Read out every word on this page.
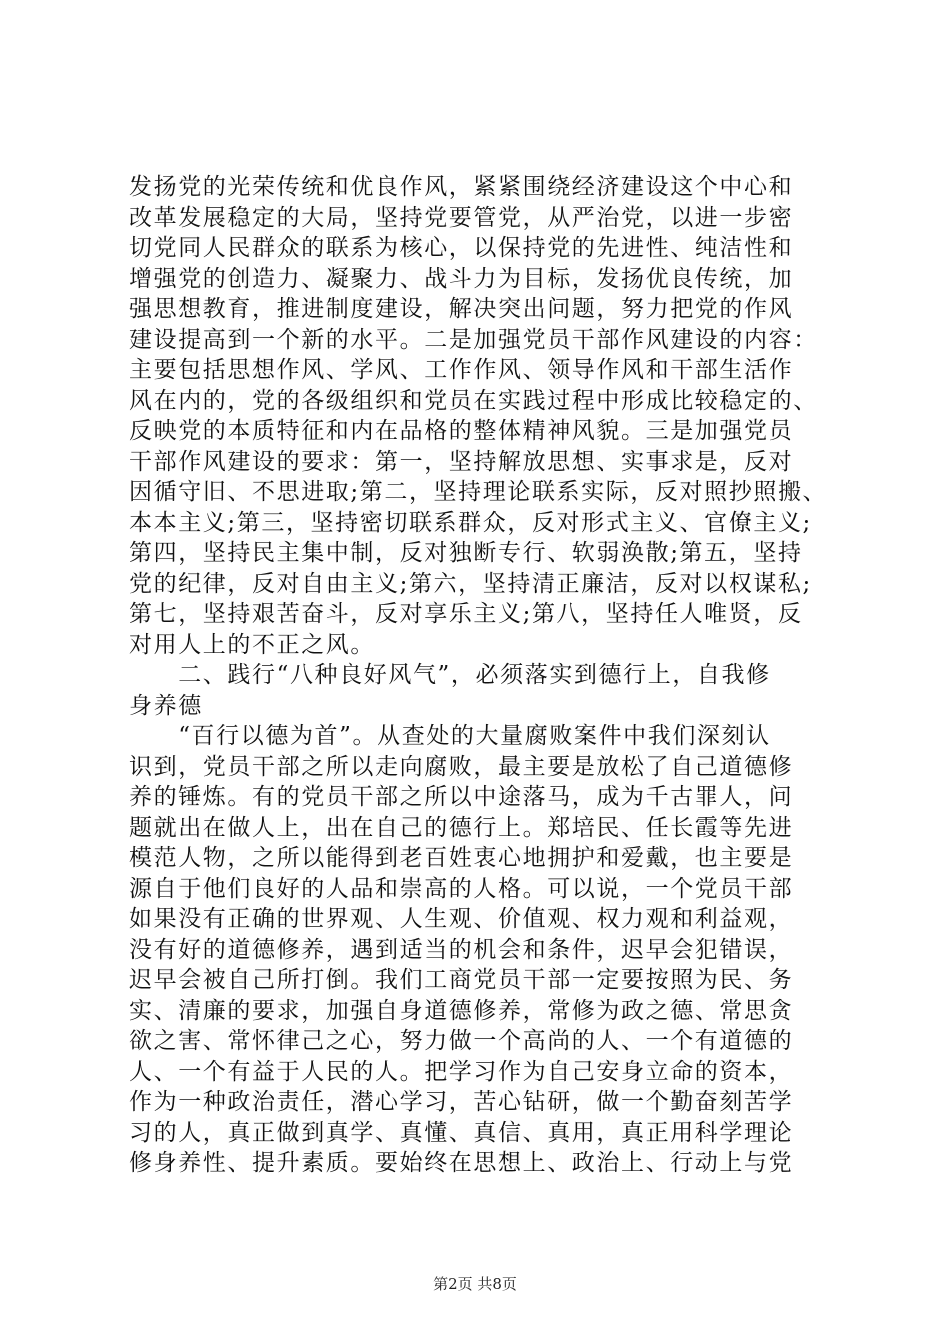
发扬党的光荣传统和优良作风，紧紧围绕经济建设这个中心和
改革发展稳定的大局，坚持党要管党，从严治党，以进一步密
切党同人民群众的联系为核心，以保持党的先进性、纯洁性和
增强党的创造力、凝聚力、战斗力为目标，发扬优良传统，加
强思想教育，推进制度建设，解决突出问题，努力把党的作风
建设提高到一个新的水平。二是加强党员干部作风建设的内容：
主要包括思想作风、学风、工作作风、领导作风和干部生活作
风在内的，党的各级组织和党员在实践过程中形成比较稳定的、
反映党的本质特征和内在品格的整体精神风貌。三是加强党员
干部作风建设的要求：第一，坚持解放思想、实事求是，反对
因循守旧、不思进取;第二，坚持理论联系实际，反对照抄照搬、
本本主义;第三，坚持密切联系群众，反对形式主义、官僚主义;
第四，坚持民主集中制，反对独断专行、软弱涣散;第五，坚持
党的纪律，反对自由主义;第六，坚持清正廉洁，反对以权谋私;
第七，坚持艰苦奋斗，反对享乐主义;第八，坚持任人唯贤，反
对用人上的不正之风。
　　二、践行“八种良好风气”，必须落实到德行上，自我修
身养德
　　“百行以德为首”。从查处的大量腐败案件中我们深刻认
识到，党员干部之所以走向腐败，最主要是放松了自己道德修
养的锤炼。有的党员干部之所以中途落马，成为千古罪人，问
题就出在做人上，出在自己的德行上。郑培民、任长霞等先进
模范人物，之所以能得到老百姓衷心地拥护和爱戴，也主要是
源自于他们良好的人品和崇高的人格。可以说，一个党员干部
如果没有正确的世界观、人生观、价值观、权力观和利益观，
没有好的道德修养，遇到适当的机会和条件，迟早会犯错误，
迟早会被自己所打倒。我们工商党员干部一定要按照为民、务
实、清廉的要求，加强自身道德修养，常修为政之德、常思贪
欲之害、常怀律己之心，努力做一个高尚的人、一个有道德的
人、一个有益于人民的人。把学习作为自己安身立命的资本，
作为一种政治责任，潜心学习，苦心钻研，做一个勤奋刻苦学
习的人，真正做到真学、真懂、真信、真用，真正用科学理论
修身养性、提升素质。要始终在思想上、政治上、行动上与党
第2页 共8页
